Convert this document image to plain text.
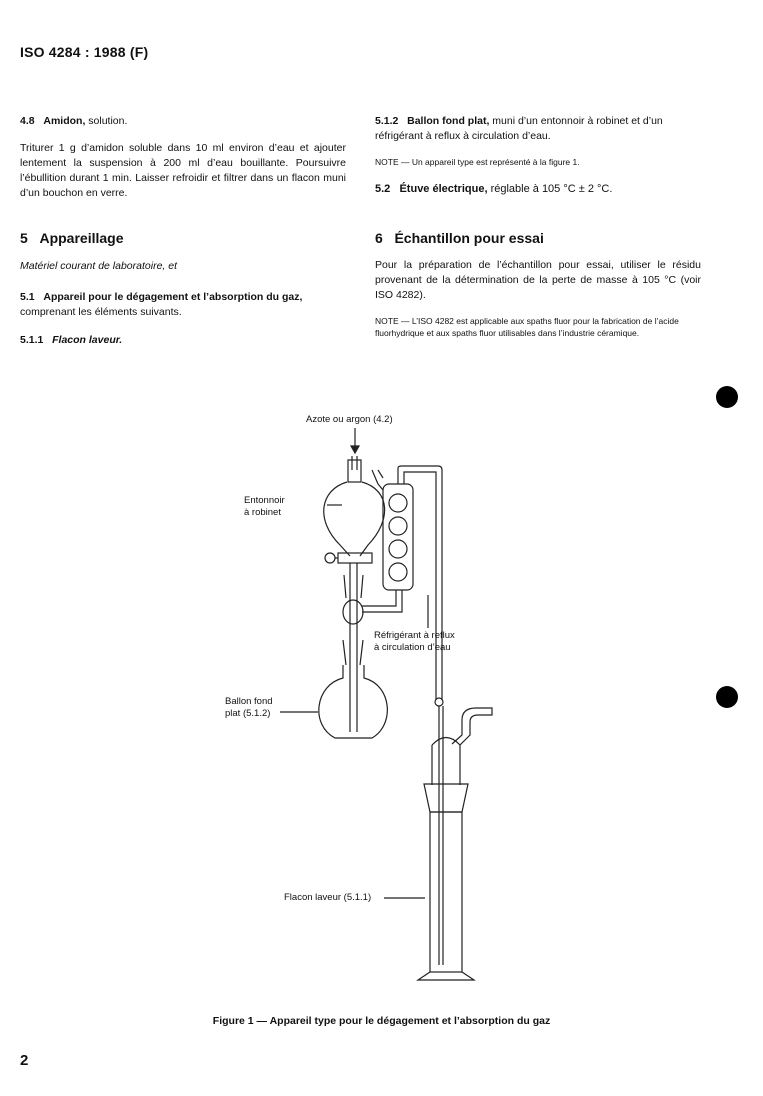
ISO 4284 : 1988 (F)

4.8 Amidon, solution.

Triturer 1 g d’amidon soluble dans 10 ml environ d’eau et ajouter lentement la suspension à 200 ml d’eau bouillante. Poursuivre l’ébullition durant 1 min. Laisser refroidir et filtrer dans un flacon muni d’un bouchon en verre.

5 Appareillage

Matériel courant de laboratoire, et

5.1 Appareil pour le dégagement et l’absorption du gaz, comprenant les éléments suivants.

5.1.1 Flacon laveur.

5.1.2 Ballon fond plat, muni d’un entonnoir à robinet et d’un réfrigérant à reflux à circulation d’eau.

NOTE — Un appareil type est représenté à la figure 1.

5.2 Étuve électrique, réglable à 105 °C ± 2 °C.

6 Échantillon pour essai

Pour la préparation de l’échantillon pour essai, utiliser le résidu provenant de la détermination de la perte de masse à 105 °C (voir ISO 4282).

NOTE — L’ISO 4282 est applicable aux spaths fluor pour la fabrication de l’acide fluorhydrique et aux spaths fluor utilisables dans l’industrie céramique.

Azote ou argon (4.2)
Entonnoir
à robinet
Réfrigérant à reflux
à circulation d’eau
Ballon fond
plat (5.1.2)
Flacon laveur (5.1.1)
Figure 1 — Appareil type pour le dégagement et l’absorption du gaz
2
